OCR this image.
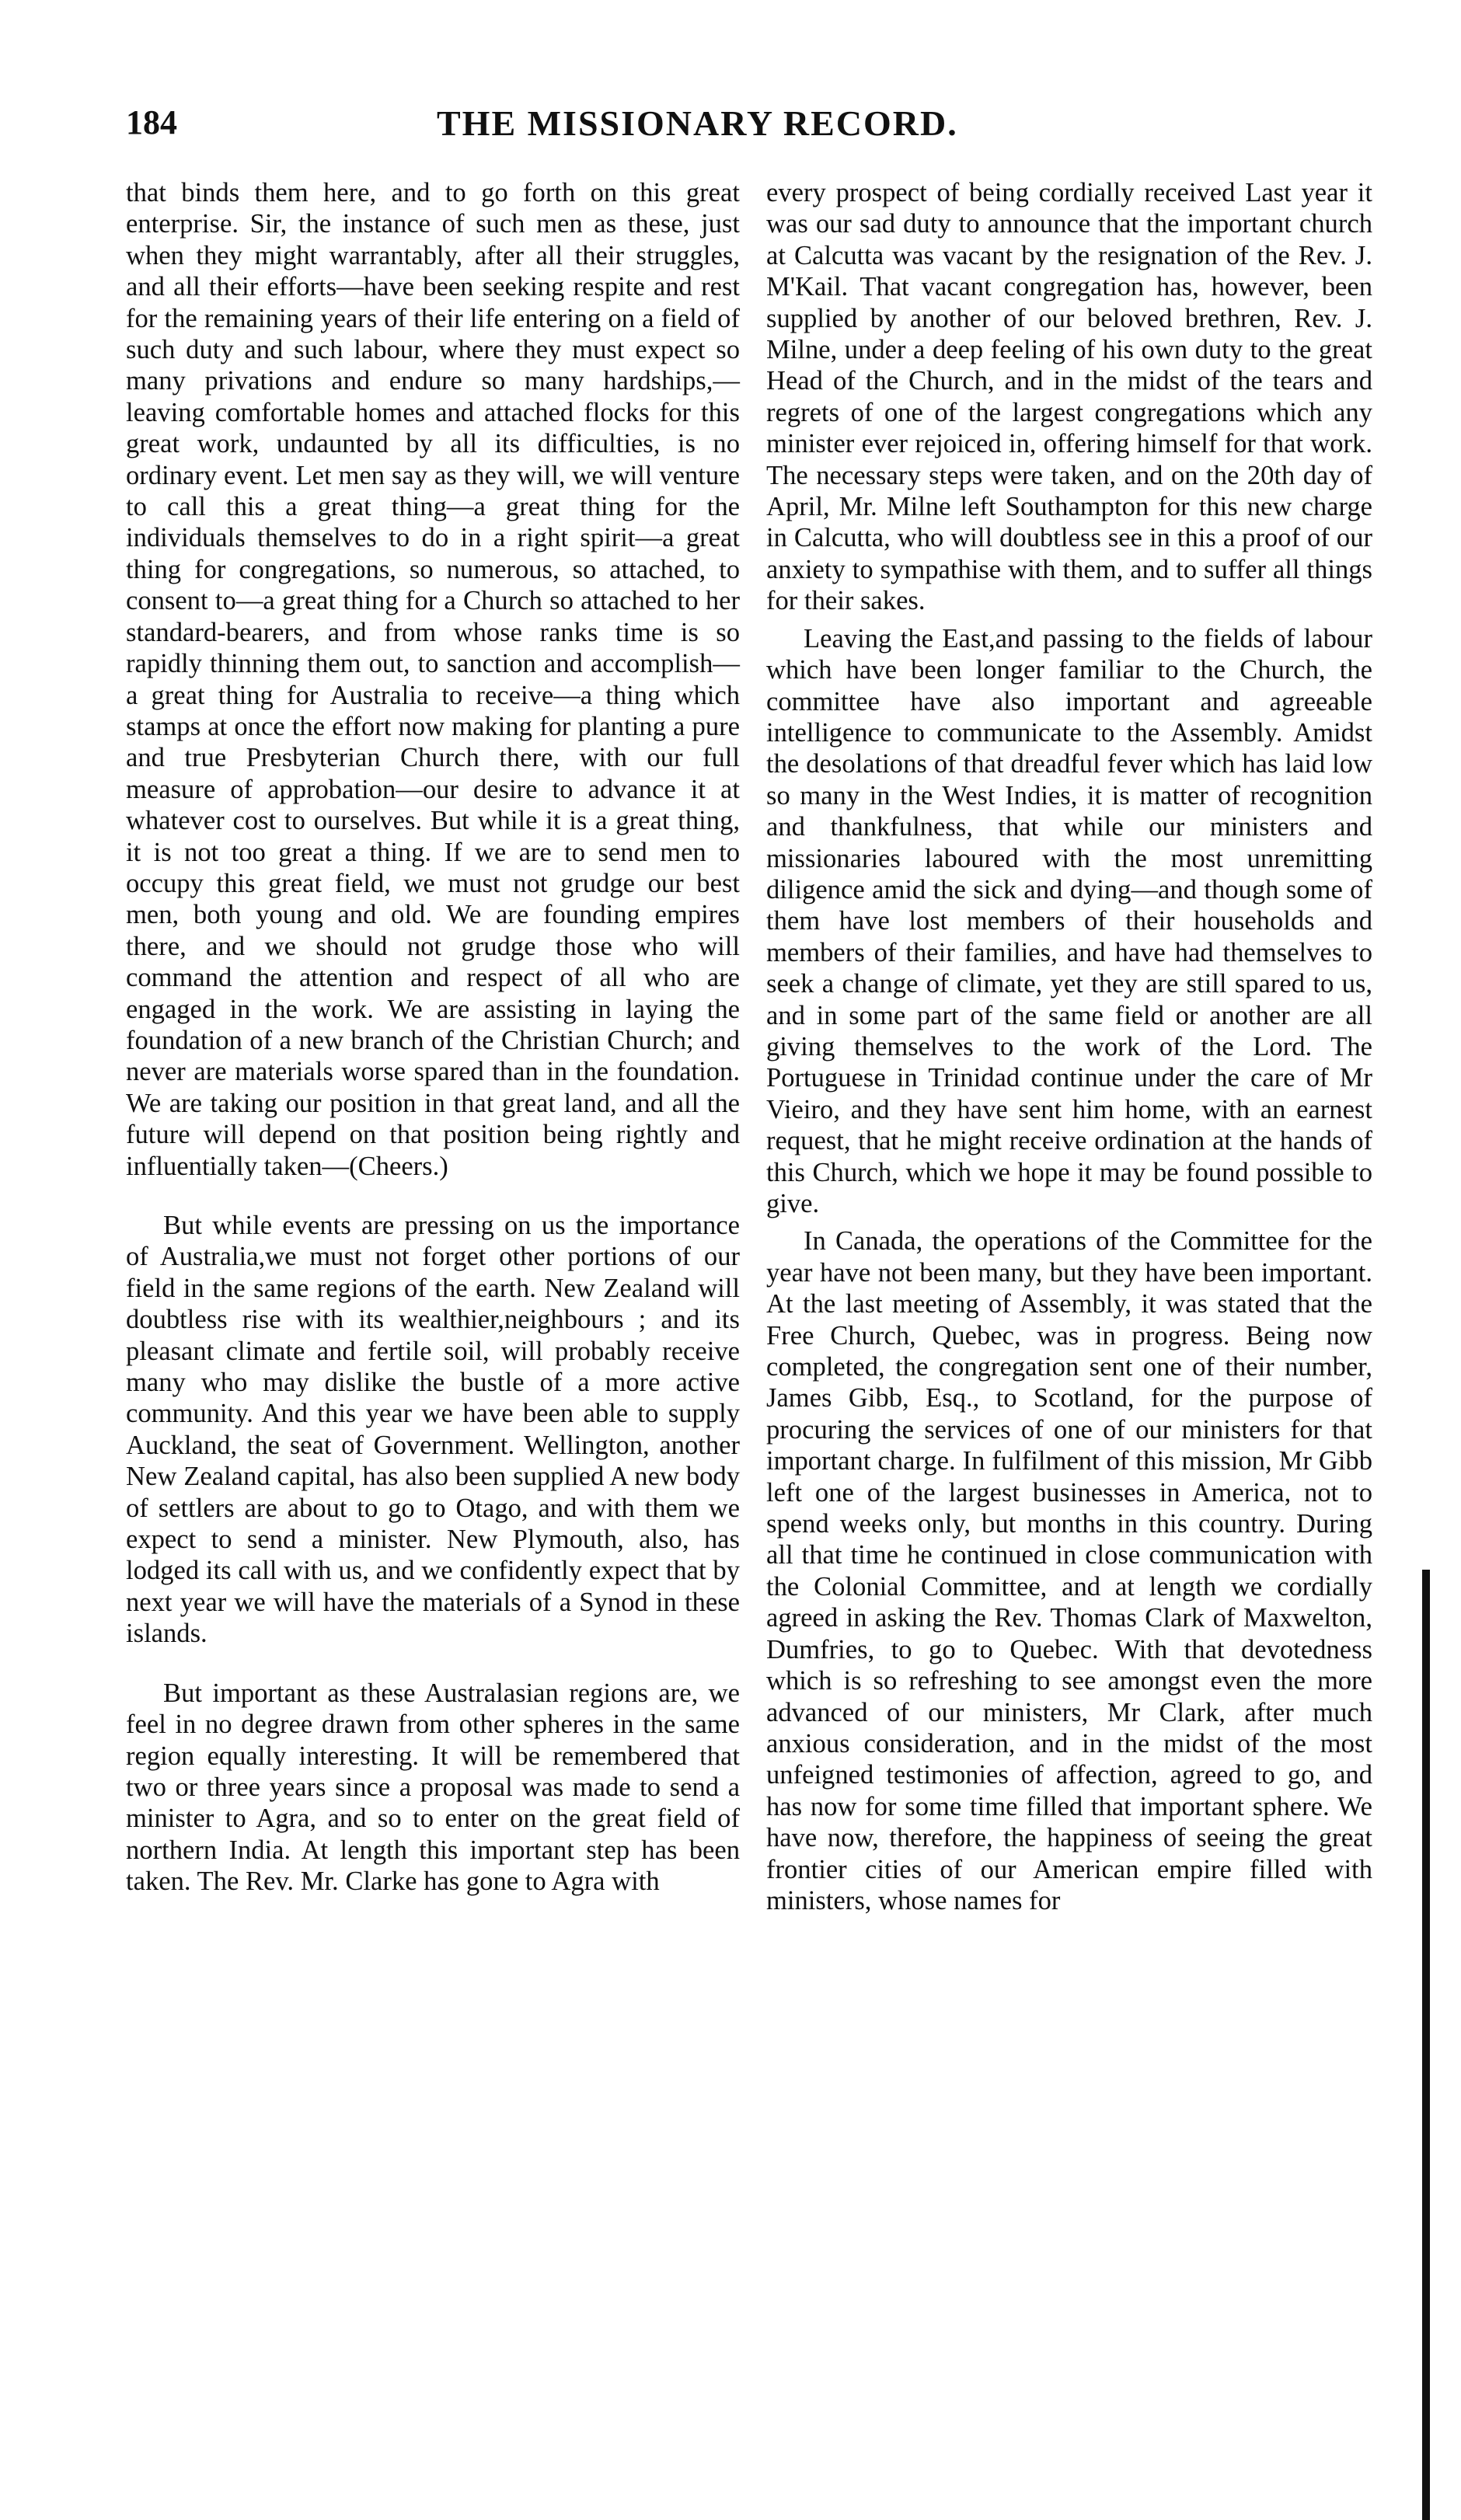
184	THE MISSIONARY RECORD.

that binds them here, and to go forth on this great enterprise. Sir, the instance of such men as these, just when they might warrantably, after all their struggles, and all their efforts—have been seeking respite and rest for the remaining years of their life entering on a field of such duty and such labour, where they must expect so many privations and endure so many hardships,—leaving comfortable homes and attached flocks for this great work, undaunted by all its difficulties, is no ordinary event. Let men say as they will, we will venture to call this a great thing—a great thing for the individuals themselves to do in a right spirit—a great thing for congregations, so numerous, so attached, to consent to—a great thing for a Church so attached to her standard-bearers, and from whose ranks time is so rapidly thinning them out, to sanction and accomplish—a great thing for Australia to receive—a thing which stamps at once the effort now making for planting a pure and true Presbyterian Church there, with our full measure of approbation—our desire to advance it at whatever cost to ourselves. But while it is a great thing, it is not too great a thing. If we are to send men to occupy this great field, we must not grudge our best men, both young and old. We are founding empires there, and we should not grudge those who will command the attention and respect of all who are engaged in the work. We are assisting in laying the foundation of a new branch of the Christian Church; and never are materials worse spared than in the foundation. We are taking our position in that great land, and all the future will depend on that position being rightly and influentially taken—(Cheers.)

But while events are pressing on us the importance of Australia,we must not forget other portions of our field in the same regions of the earth. New Zealand will doubtless rise with its wealthier,neighbours ; and its pleasant climate and fertile soil, will probably receive many who may dislike the bustle of a more active community. And this year we have been able to supply Auckland, the seat of Government. Wellington, another New Zealand capital, has also been supplied A new body of settlers are about to go to Otago, and with them we expect to send a minister. New Plymouth, also, has lodged its call with us, and we confidently expect that by next year we will have the materials of a Synod in these islands.

But important as these Australasian regions are, we feel in no degree drawn from other spheres in the same region equally interesting. It will be remembered that two or three years since a proposal was made to send a minister to Agra, and so to enter on the great field of northern India. At length this important step has been taken. The Rev. Mr. Clarke has gone to Agra with

every prospect of being cordially received Last year it was our sad duty to announce that the important church at Calcutta was vacant by the resignation of the Rev. J. M'Kail. That vacant congregation has, however, been supplied by another of our beloved brethren, Rev. J. Milne, under a deep feeling of his own duty to the great Head of the Church, and in the midst of the tears and regrets of one of the largest congregations which any minister ever rejoiced in, offering himself for that work. The necessary steps were taken, and on the 20th day of April, Mr. Milne left Southampton for this new charge in Calcutta, who will doubtless see in this a proof of our anxiety to sympathise with them, and to suffer all things for their sakes.

Leaving the East,and passing to the fields of labour which have been longer familiar to the Church, the committee have also important and agreeable intelligence to communicate to the Assembly. Amidst the desolations of that dreadful fever which has laid low so many in the West Indies, it is matter of recognition and thankfulness, that while our ministers and missionaries laboured with the most unremitting diligence amid the sick and dying—and though some of them have lost members of their households and members of their families, and have had themselves to seek a change of climate, yet they are still spared to us, and in some part of the same field or another are all giving themselves to the work of the Lord. The Portuguese in Trinidad continue under the care of Mr Vieiro, and they have sent him home, with an earnest request, that he might receive ordination at the hands of this Church, which we hope it may be found possible to give.

In Canada, the operations of the Committee for the year have not been many, but they have been important. At the last meeting of Assembly, it was stated that the Free Church, Quebec, was in progress. Being now completed, the congregation sent one of their number, James Gibb, Esq., to Scotland, for the purpose of procuring the services of one of our ministers for that important charge. In fulfilment of this mission, Mr Gibb left one of the largest businesses in America, not to spend weeks only, but months in this country. During all that time he continued in close communication with the Colonial Committee, and at length we cordially agreed in asking the Rev. Thomas Clark of Maxwelton, Dumfries, to go to Quebec. With that devotedness which is so refreshing to see amongst even the more advanced of our ministers, Mr Clark, after much anxious consideration, and in the midst of the most unfeigned testimonies of affection, agreed to go, and has now for some time filled that important sphere. We have now, therefore, the happiness of seeing the great frontier cities of our American empire filled with ministers, whose names for
